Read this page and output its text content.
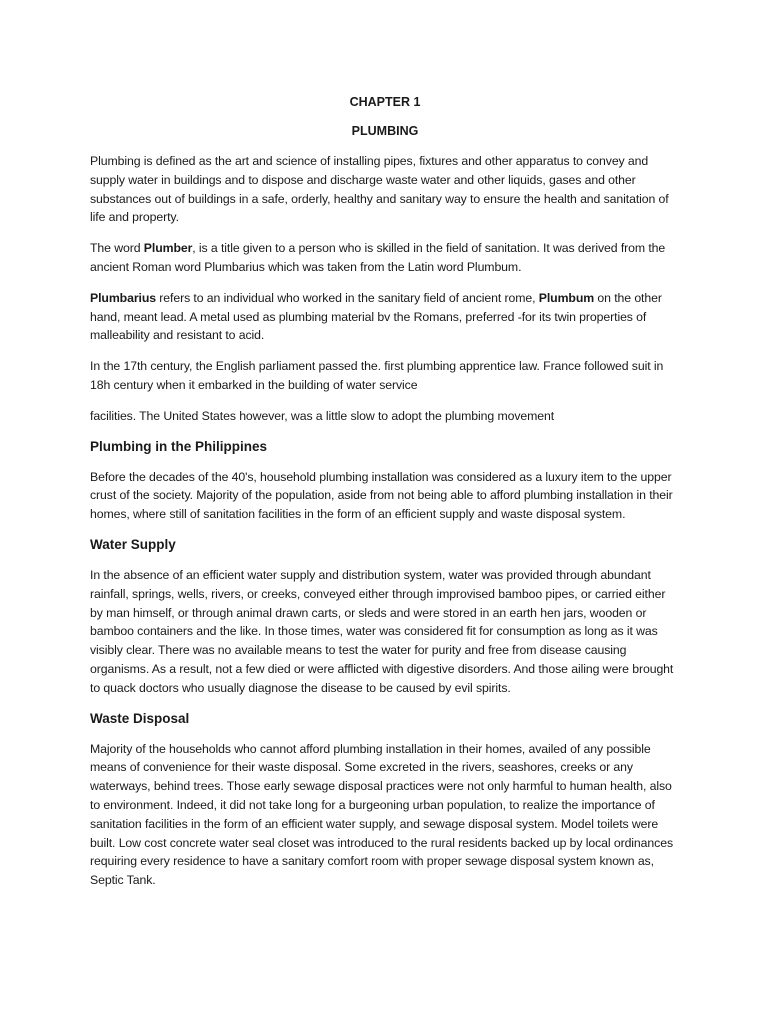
CHAPTER 1
PLUMBING

Plumbing is defined as the art and science of installing pipes, fixtures and other apparatus to convey and supply water in buildings and to dispose and discharge waste water and other liquids, gases and other substances out of buildings in a safe, orderly, healthy and sanitary way to ensure the health and sanitation of life and property.

The word Plumber, is a title given to a person who is skilled in the field of sanitation. It was derived from the ancient Roman word Plumbarius which was taken from the Latin word Plumbum.

Plumbarius refers to an individual who worked in the sanitary field of ancient rome, Plumbum on the other hand, meant lead. A metal used as plumbing material bv the Romans, preferred -for its twin properties of malleability and resistant to acid.

In the 17th century, the English parliament passed the. first plumbing apprentice law. France followed suit in 18h century when it embarked in the building of water service

facilities. The United States however, was a little slow to adopt the plumbing movement

Plumbing in the Philippines

Before the decades of the 40's, household plumbing installation was considered as a luxury item to the upper crust of the society. Majority of the population, aside from not being able to afford plumbing installation in their homes, where still of sanitation facilities in the form of an efficient supply and waste disposal system.

Water Supply

In the absence of an efficient water supply and distribution system, water was provided through abundant rainfall, springs, wells, rivers, or creeks, conveyed either through improvised bamboo pipes, or carried either by man himself, or through animal drawn carts, or sleds and were stored in an earth hen jars, wooden or bamboo containers and the like. In those times, water was considered fit for consumption as long as it was visibly clear. There was no available means to test the water for purity and free from disease causing organisms. As a result, not a few died or were afflicted with digestive disorders. And those ailing were brought to quack doctors who usually diagnose the disease to be caused by evil spirits.

Waste Disposal

Majority of the households who cannot afford plumbing installation in their homes, availed of any possible means of convenience for their waste disposal. Some excreted in the rivers, seashores, creeks or any waterways, behind trees. Those early sewage disposal practices were not only harmful to human health, also to environment. Indeed, it did not take long for a burgeoning urban population, to realize the importance of sanitation facilities in the form of an efficient water supply, and sewage disposal system. Model toilets were built. Low cost concrete water seal closet was introduced to the rural residents backed up by local ordinances requiring every residence to have a sanitary comfort room with proper sewage disposal system known as, Septic Tank.
